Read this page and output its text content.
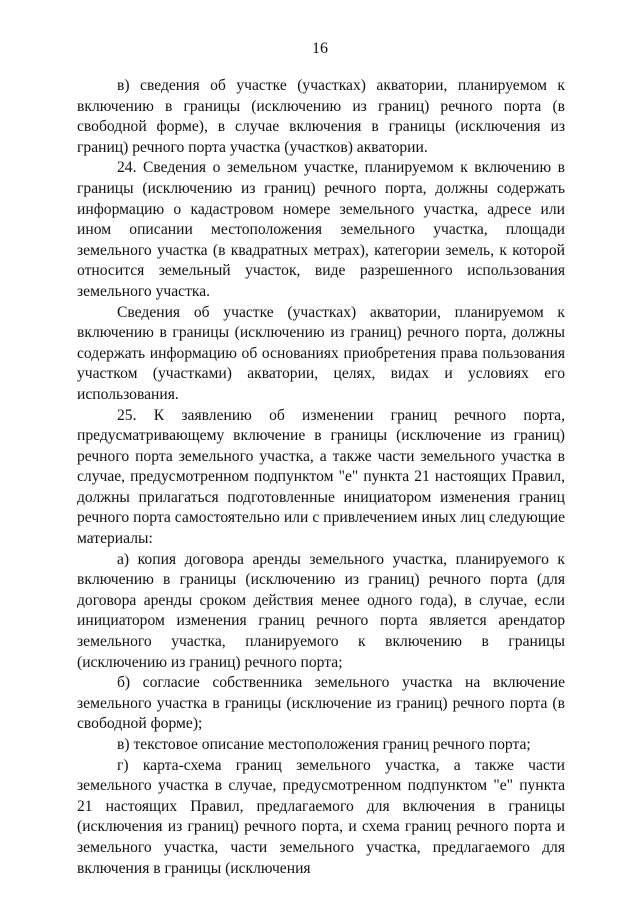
16

в) сведения об участке (участках) акватории, планируемом к включению в границы (исключению из границ) речного порта (в свободной форме), в случае включения в границы (исключения из границ) речного порта участка (участков) акватории.

24. Сведения о земельном участке, планируемом к включению в границы (исключению из границ) речного порта, должны содержать информацию о кадастровом номере земельного участка, адресе или ином описании местоположения земельного участка, площади земельного участка (в квадратных метрах), категории земель, к которой относится земельный участок, виде разрешенного использования земельного участка.

Сведения об участке (участках) акватории, планируемом к включению в границы (исключению из границ) речного порта, должны содержать информацию об основаниях приобретения права пользования участком (участками) акватории, целях, видах и условиях его использования.

25. К заявлению об изменении границ речного порта, предусматривающему включение в границы (исключение из границ) речного порта земельного участка, а также части земельного участка в случае, предусмотренном подпунктом "е" пункта 21 настоящих Правил, должны прилагаться подготовленные инициатором изменения границ речного порта самостоятельно или с привлечением иных лиц следующие материалы:

а) копия договора аренды земельного участка, планируемого к включению в границы (исключению из границ) речного порта (для договора аренды сроком действия менее одного года), в случае, если инициатором изменения границ речного порта является арендатор земельного участка, планируемого к включению в границы (исключению из границ) речного порта;

б) согласие собственника земельного участка на включение земельного участка в границы (исключение из границ) речного порта (в свободной форме);

в) текстовое описание местоположения границ речного порта;

г) карта-схема границ земельного участка, а также части земельного участка в случае, предусмотренном подпунктом "е" пункта 21 настоящих Правил, предлагаемого для включения в границы (исключения из границ) речного порта, и схема границ речного порта и земельного участка, части земельного участка, предлагаемого для включения в границы (исключения
